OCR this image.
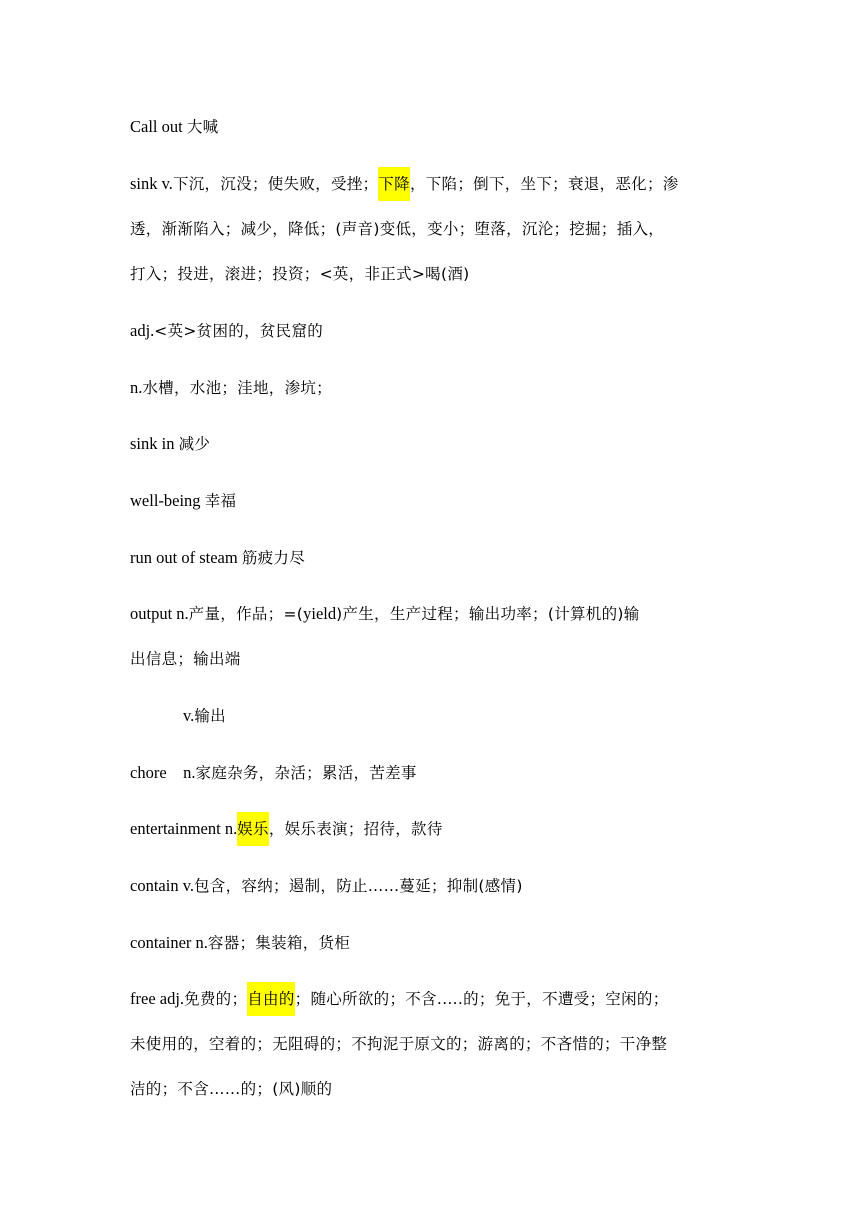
Call out 大喊
sink v.下沉，沉没；使失败，受挫；下降，下陷；倒下，坐下；衰退，恶化；渗
透，渐渐陷入；减少，降低；(声音)变低，变小；堕落，沉沦；挖掘；插入，
打入；投进，滚进；投资；<英，非正式>喝(酒)
adj.<英>贫困的，贫民窟的
n.水槽，水池；洼地，渗坑；
sink in 减少
well-being 幸福
run out of steam 筋疲力尽
output n.产量，作品；=(yield)产生，生产过程；输出功率；(计算机的)输
出信息；输出端
v.输出
chore    n.家庭杂务，杂活；累活，苦差事
entertainment n.娱乐，娱乐表演；招待，款待
contain v.包含，容纳；遏制，防止……蔓延；抑制(感情)
container n.容器；集装箱，货柜
free adj.免费的；自由的；随心所欲的；不含.….的；免于，不遭受；空闲的；
未使用的，空着的；无阻碍的；不拘泥于原文的；游离的；不吝惜的；干净整
洁的；不含……的；(风)顺的
